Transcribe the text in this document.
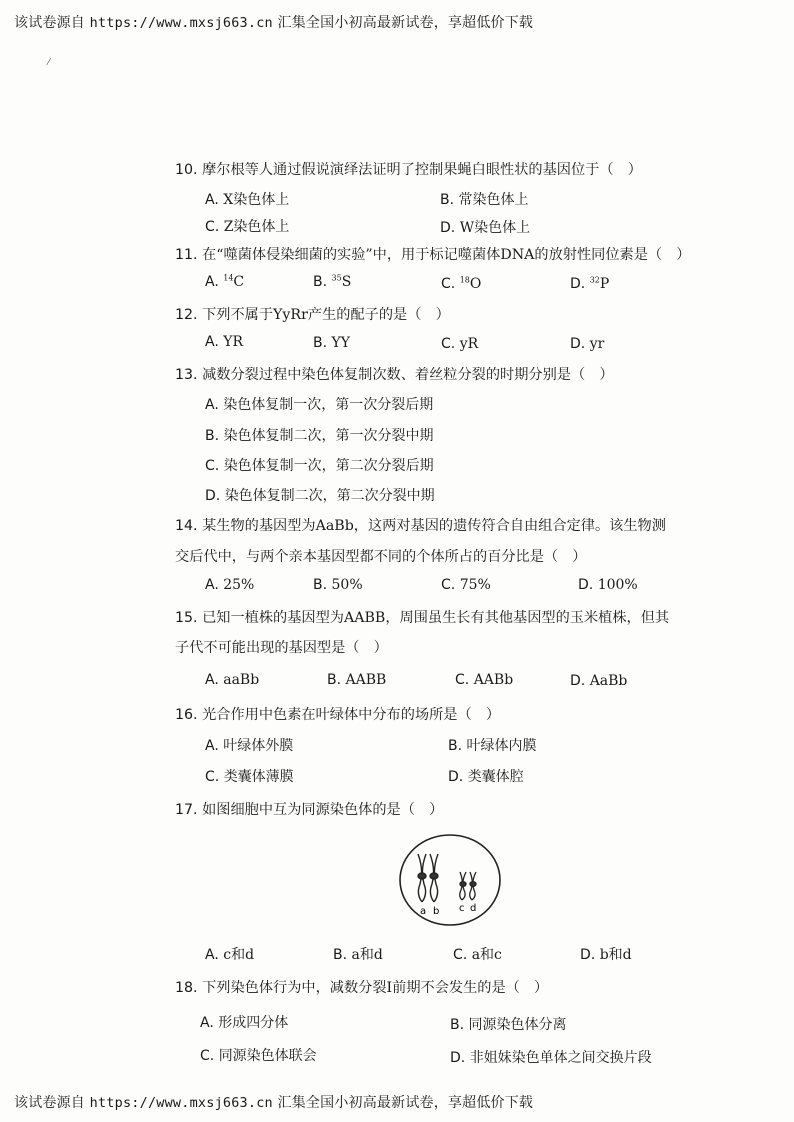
该试卷源自 https://www.mxsj663.cn 汇集全国小初高最新试卷，享超低价下载
⁄
10. 摩尔根等人通过假说演绎法证明了控制果蝇白眼性状的基因位于（　）
A. X染色体上	B. 常染色体上
C. Z染色体上	D. W染色体上
11. 在“噬菌体侵染细菌的实验”中，用于标记噬菌体DNA的放射性同位素是（　）
A. $^{14}$C	B. $^{35}$S	C. $^{18}$O	D. $^{32}$P
12. 下列不属于YyRr产生的配子的是（　）
A. YR	B. YY	C. yR	D. yr
13. 减数分裂过程中染色体复制次数、着丝粒分裂的时期分别是（　）
A. 染色体复制一次，第一次分裂后期
B. 染色体复制二次，第一次分裂中期
C. 染色体复制一次，第二次分裂后期
D. 染色体复制二次，第二次分裂中期
14. 某生物的基因型为AaBb，这两对基因的遗传符合自由组合定律。该生物测
交后代中，与两个亲本基因型都不同的个体所占的百分比是（　）
A. 25%	B. 50%	C. 75%	D. 100%
15. 已知一植株的基因型为AABB，周围虽生长有其他基因型的玉米植株，但其
子代不可能出现的基因型是（　）
A. aaBb	B. AABB	C. AABb	D. AaBb
16. 光合作用中色素在叶绿体中分布的场所是（　）
A. 叶绿体外膜	B. 叶绿体内膜
C. 类囊体薄膜	D. 类囊体腔
17. 如图细胞中互为同源染色体的是（　）
a b c d
A. c和d	B. a和d	C. a和c	D. b和d
18. 下列染色体行为中，减数分裂Ⅰ前期不会发生的是（　）
A. 形成四分体	B. 同源染色体分离
C. 同源染色体联会	D. 非姐妹染色单体之间交换片段
该试卷源自 https://www.mxsj663.cn 汇集全国小初高最新试卷，享超低价下载
